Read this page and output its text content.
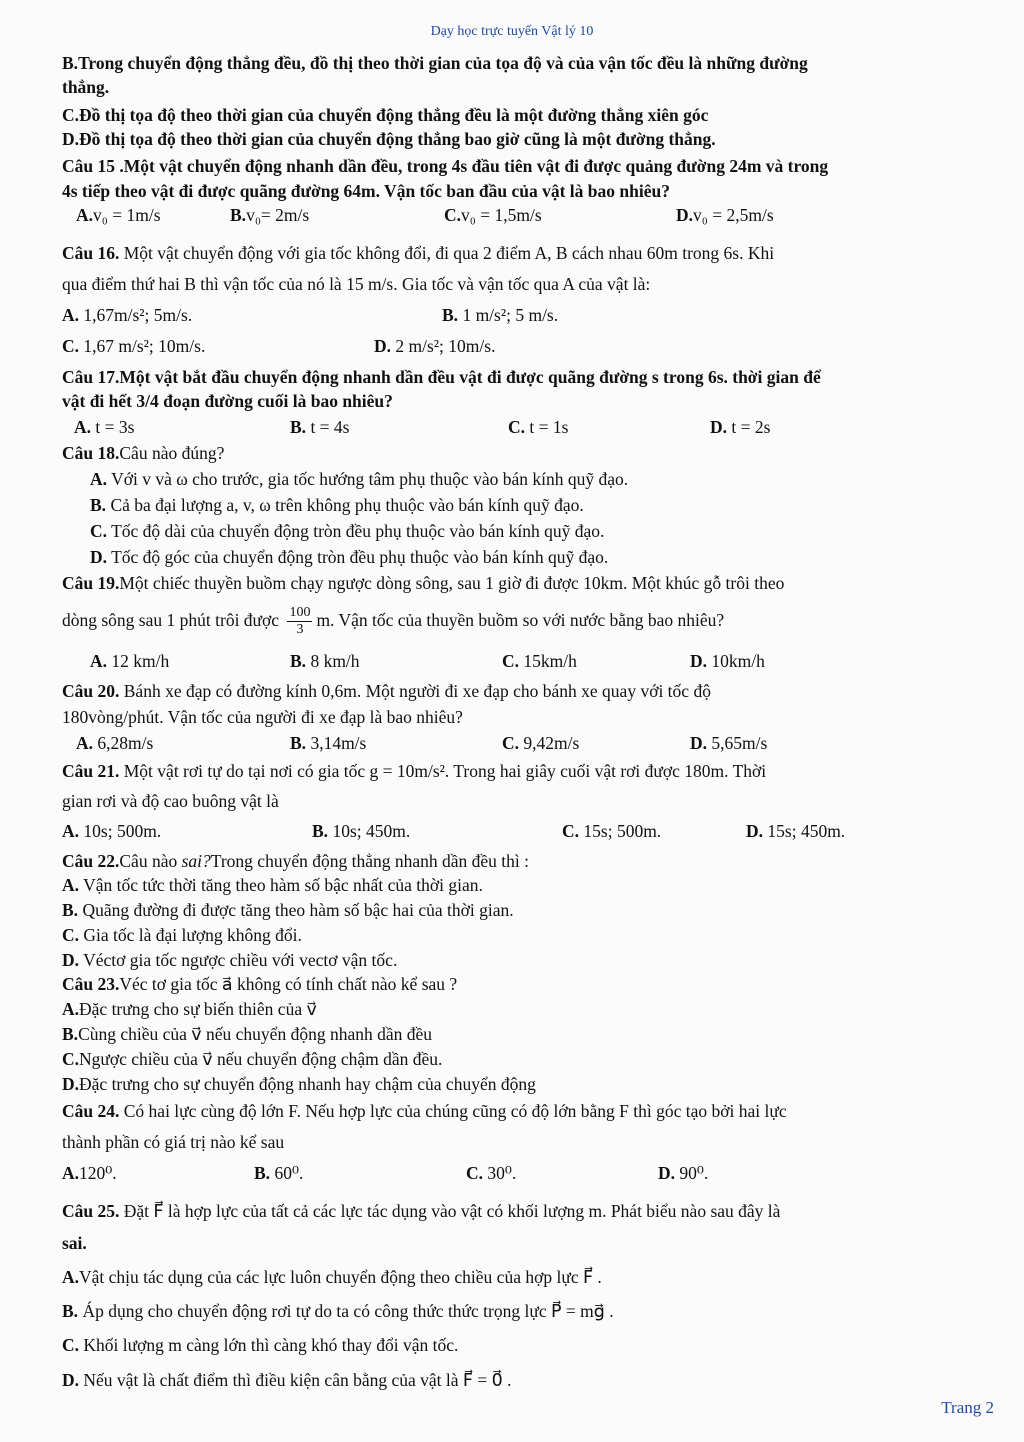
Dạy học trực tuyến Vật lý 10
B.Trong chuyển động thẳng đều, đồ thị theo thời gian của tọa độ và của vận tốc đều là những đường
thẳng.
C.Đồ thị tọa độ theo thời gian của chuyển động thẳng đều là một đường thẳng xiên góc
D.Đồ thị tọa độ theo thời gian của chuyển động thẳng bao giờ cũng là một đường thẳng.
Câu 15 .Một vật chuyển động nhanh dần đều, trong 4s đầu tiên vật đi được quảng đường 24m và trong
4s tiếp theo vật đi được quãng đường 64m. Vận tốc ban đầu của vật là bao nhiêu?
A.v₀ = 1m/s	B.v₀= 2m/s	C.v₀ = 1,5m/s	D.v₀ = 2,5m/s
Câu 16. Một vật chuyển động với gia tốc không đổi, đi qua 2 điểm A, B cách nhau 60m trong 6s. Khi
qua điểm thứ hai B thì vận tốc của nó là 15 m/s. Gia tốc và vận tốc qua A của vật là:
A. 1,67m/s²; 5m/s.	B. 1 m/s²; 5 m/s.
C. 1,67 m/s²; 10m/s.	D. 2 m/s²; 10m/s.
Câu 17.Một vật bắt đầu chuyển động nhanh dần đều vật đi được quãng đường s trong 6s. thời gian để
vật đi hết 3/4 đoạn đường cuối là bao nhiêu?
A. t = 3s	B. t = 4s	C. t = 1s	D. t = 2s
Câu 18.Câu nào đúng?
A. Với v và ω cho trước, gia tốc hướng tâm phụ thuộc vào bán kính quỹ đạo.
B. Cả ba đại lượng a, v, ω trên không phụ thuộc vào bán kính quỹ đạo.
C. Tốc độ dài của chuyển động tròn đều phụ thuộc vào bán kính quỹ đạo.
D. Tốc độ góc của chuyển động tròn đều phụ thuộc vào bán kính quỹ đạo.
Câu 19.Một chiếc thuyền buồm chạy ngược dòng sông, sau 1 giờ đi được 10km. Một khúc gỗ trôi theo
dòng sông sau 1 phút trôi được $\frac{100}{3} m$. Vận tốc của thuyền buồm so với nước bằng bao nhiêu?
A. 12 km/h	B. 8 km/h	C. 15km/h	D. 10km/h
Câu 20. Bánh xe đạp có đường kính 0,6m. Một người đi xe đạp cho bánh xe quay với tốc độ
180vòng/phút. Vận tốc của người đi xe đạp là bao nhiêu?
A. 6,28m/s	B. 3,14m/s	C. 9,42m/s	D. 5,65m/s
Câu 21. Một vật rơi tự do tại nơi có gia tốc g = 10m/s². Trong hai giây cuối vật rơi được 180m. Thời
gian rơi và độ cao buông vật là
A. 10s; 500m.	B. 10s; 450m.	C. 15s; 500m.	D. 15s; 450m.
Câu 22.Câu nào sai?Trong chuyển động thẳng nhanh dần đều thì :
A. Vận tốc tức thời tăng theo hàm số bậc nhất của thời gian.
B. Quãng đường đi được tăng theo hàm số bậc hai của thời gian.
C. Gia tốc là đại lượng không đổi.
D. Véctơ gia tốc ngược chiều với vectơ vận tốc.
Câu 23.Véc tơ gia tốc a⃗ không có tính chất nào kể sau ?
A.Đặc trưng cho sự biến thiên của v⃗
B.Cùng chiều của v⃗ nếu chuyển động nhanh dần đều
C.Ngược chiều của v⃗ nếu chuyển động chậm dần đều.
D.Đặc trưng cho sự chuyển động nhanh hay chậm của chuyển động
Câu 24. Có hai lực cùng độ lớn F. Nếu hợp lực của chúng cũng có độ lớn bằng F thì góc tạo bởi hai lực
thành phần có giá trị nào kể sau
A.120⁰.	B. 60⁰.	C. 30⁰.	D. 90⁰.
Câu 25. Đặt F⃗ là hợp lực của tất cả các lực tác dụng vào vật có khối lượng m. Phát biểu nào sau đây là
sai.
A.Vật chịu tác dụng của các lực luôn chuyển động theo chiều của hợp lực F⃗ .
B. Áp dụng cho chuyển động rơi tự do ta có công thức thức trọng lực P⃗ = mg⃗ .
C. Khối lượng m càng lớn thì càng khó thay đổi vận tốc.
D. Nếu vật là chất điểm thì điều kiện cân bằng của vật là F⃗ = 0⃗ .
Trang 2
